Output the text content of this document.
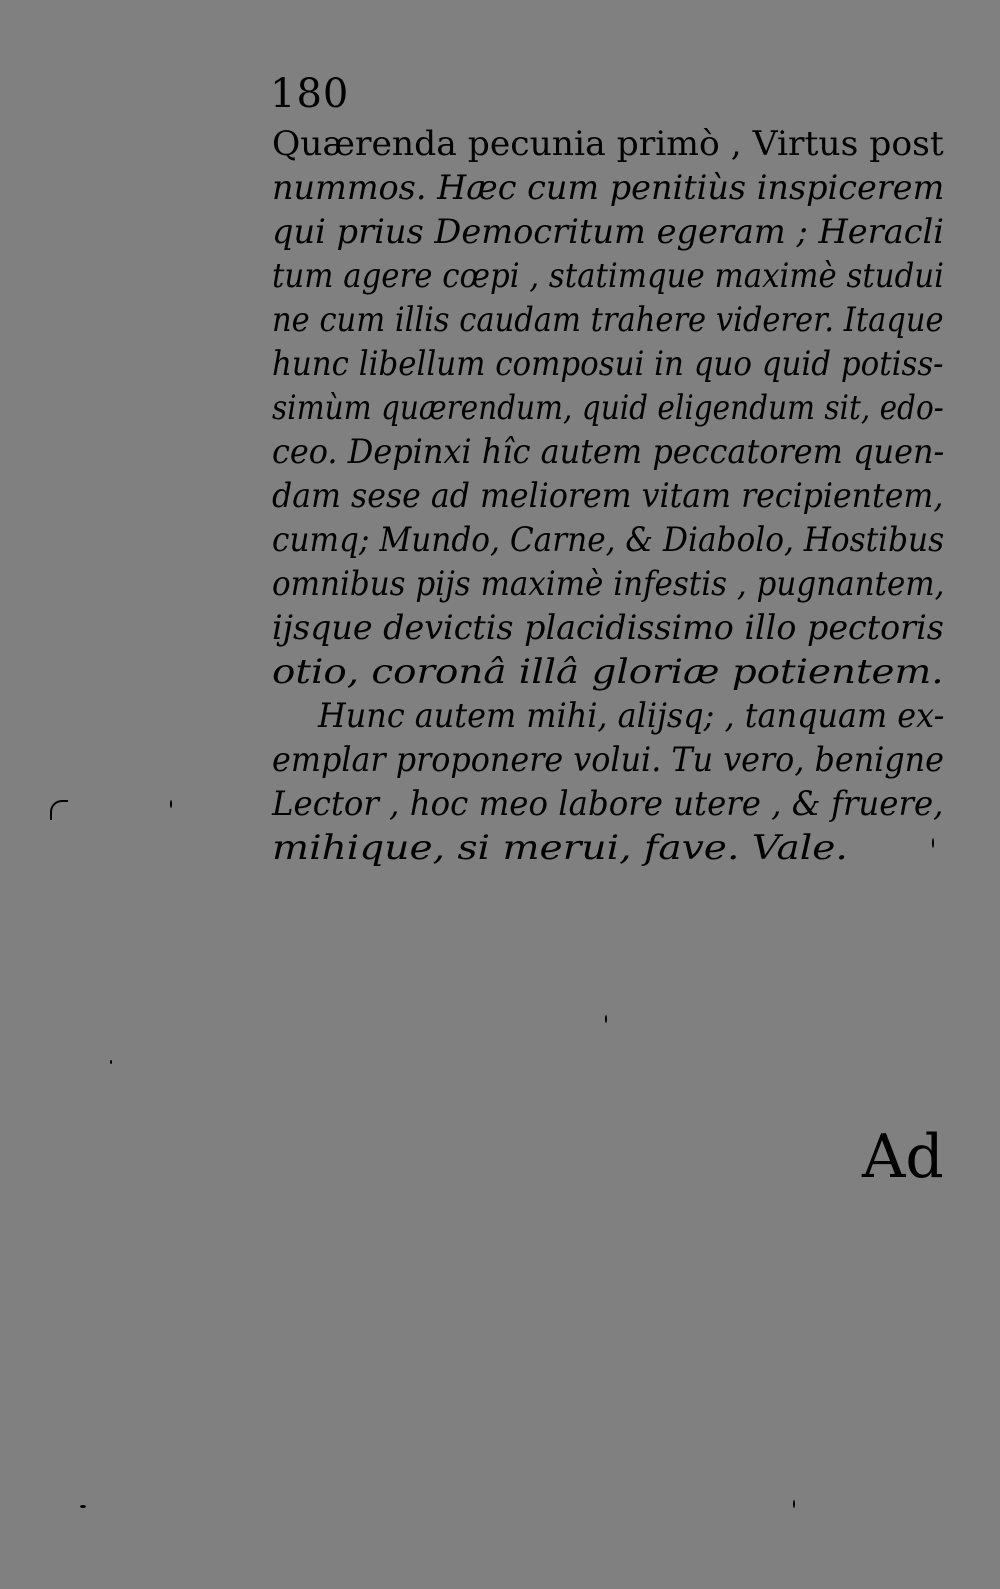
180
Quærenda pecunia primò , Virtus post
nummos. Hæc cum penitiùs inspicerem
qui prius Democritum egeram ; Heracli
tum agere cœpi , statimque maximè studui
ne cum illis caudam trahere viderer. Itaque
hunc libellum composui in quo quid potiss-
simùm quærendum, quid eligendum sit, edo-
ceo. Depinxi hîc autem peccatorem quen-
dam sese ad meliorem vitam recipientem,
cumq; Mundo, Carne, & Diabolo, Hostibus
omnibus pijs maximè infestis , pugnantem,
ijsque devictis placidissimo illo pectoris
otio, coronâ illâ gloriæ potientem.
Hunc autem mihi, alijsq; , tanquam ex-
emplar proponere volui. Tu vero, benigne
Lector , hoc meo labore utere , & fruere,
mihique, si merui, fave. Vale.
Ad
